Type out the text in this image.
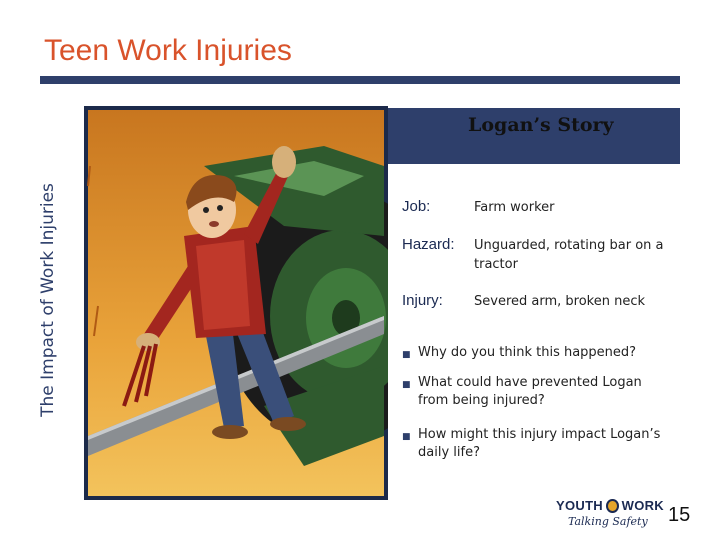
Teen Work Injuries
The Impact of Work Injuries
Logan’s Story
Job:	Farm worker
Hazard:	Unguarded, rotating bar on a tractor
Injury:	Severed arm, broken neck
■ Why do you think this happened?
■ What could have prevented Logan from being injured?
■ How might this injury impact Logan’s daily life?
YOUTH WORK
Talking Safety	15
